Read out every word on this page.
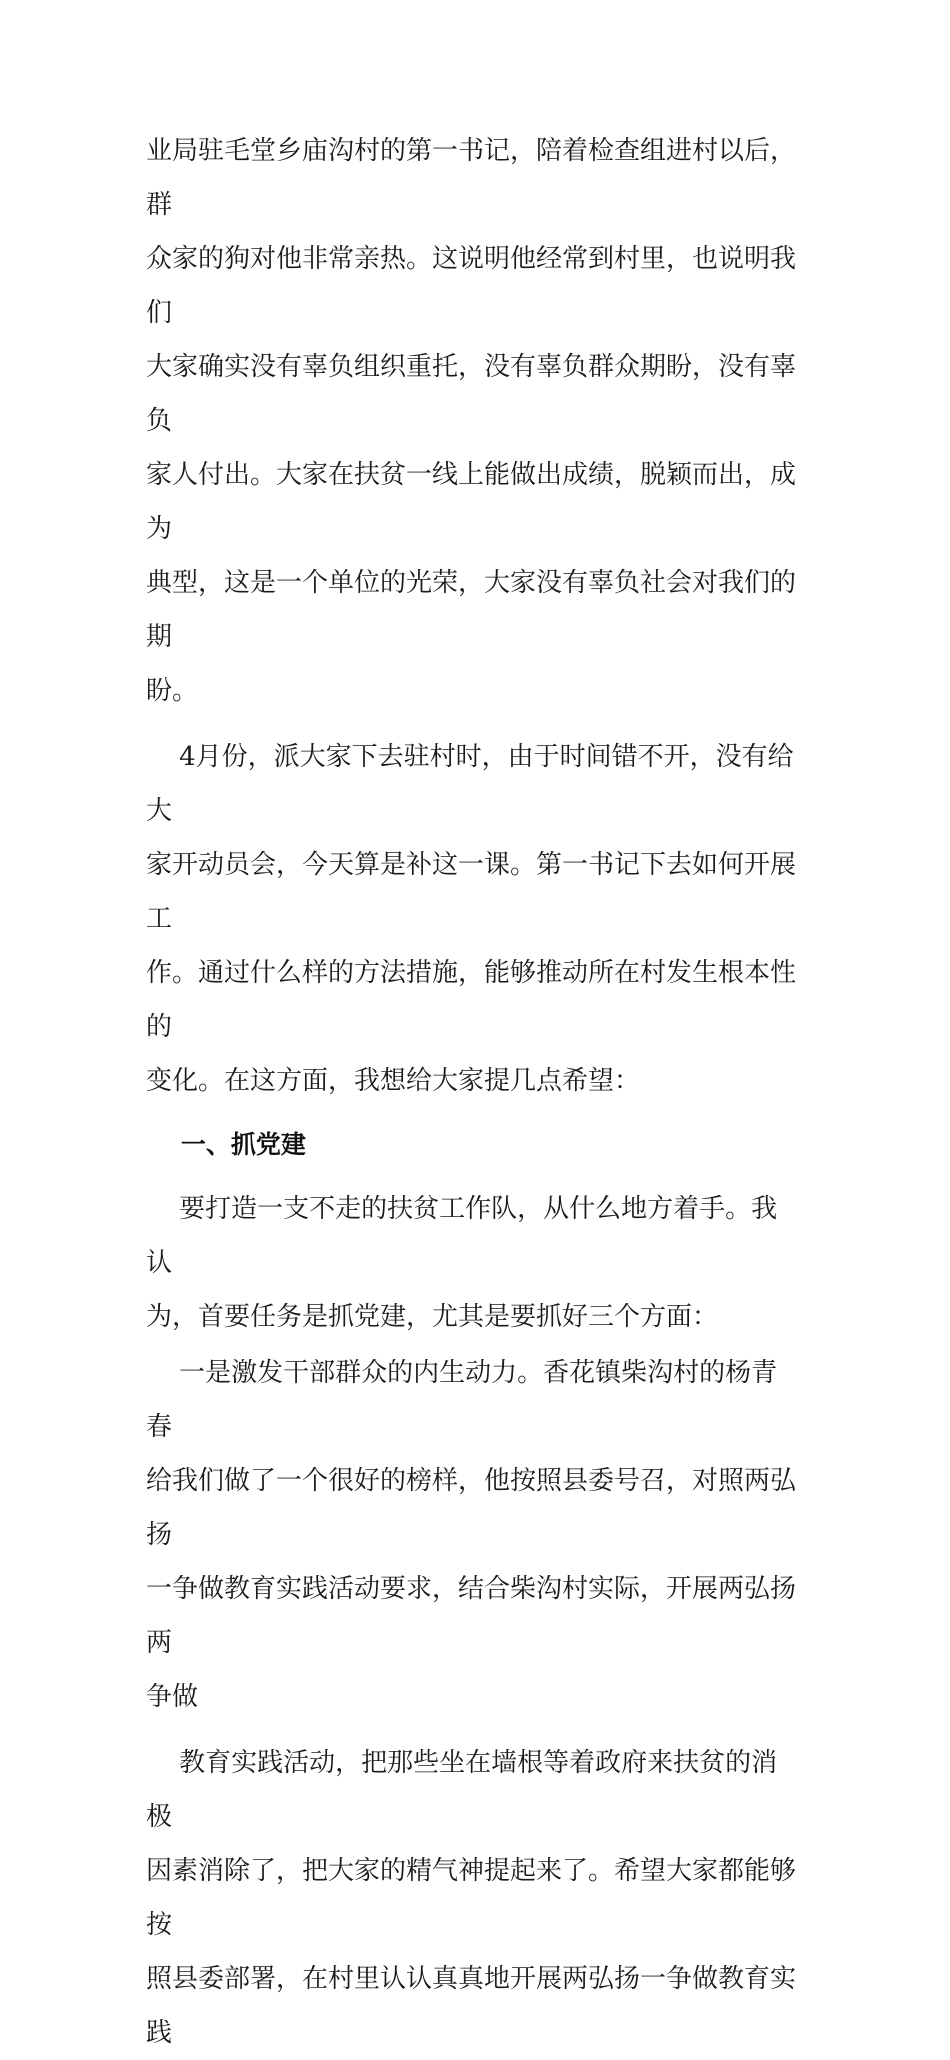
业局驻毛堂乡庙沟村的第一书记，陪着检查组进村以后，群

众家的狗对他非常亲热。这说明他经常到村里，也说明我们

大家确实没有辜负组织重托，没有辜负群众期盼，没有辜负

家人付出。大家在扶贫一线上能做出成绩，脱颖而出，成为

典型，这是一个单位的光荣，大家没有辜负社会对我们的期

盼。

4月份，派大家下去驻村时，由于时间错不开，没有给大

家开动员会，今天算是补这一课。第一书记下去如何开展工

作。通过什么样的方法措施，能够推动所在村发生根本性的

变化。在这方面，我想给大家提几点希望：

一、抓党建

要打造一支不走的扶贫工作队，从什么地方着手。我认

为，首要任务是抓党建，尤其是要抓好三个方面：

一是激发干部群众的内生动力。香花镇柴沟村的杨青春

给我们做了一个很好的榜样，他按照县委号召，对照两弘扬

一争做教育实践活动要求，结合柴沟村实际，开展两弘扬两

争做

教育实践活动，把那些坐在墙根等着政府来扶贫的消极

因素消除了，把大家的精气神提起来了。希望大家都能够按

照县委部署，在村里认认真真地开展两弘扬一争做教育实践
